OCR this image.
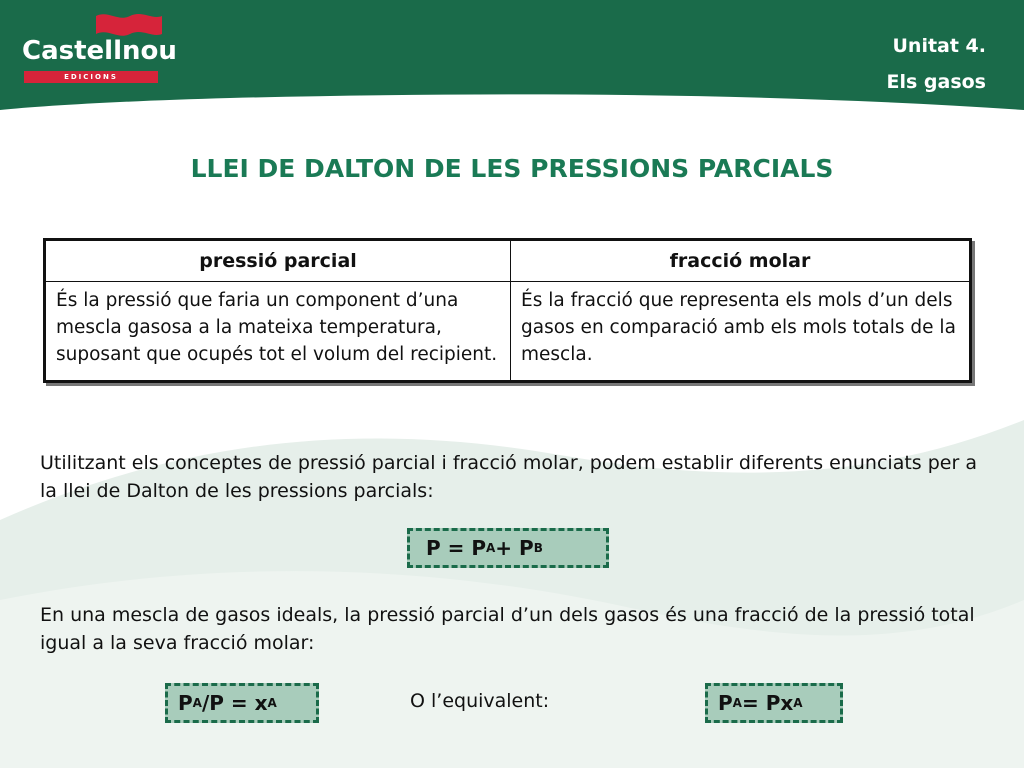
Castellnou
EDICIONS
Unitat 4.
Els gasos
LLEI DE DALTON DE LES PRESSIONS PARCIALS
pressió parcial	fracció molar
És la pressió que faria un component d’una mescla gasosa a la mateixa temperatura, suposant que ocupés tot el volum del recipient.	És la fracció que representa els mols d’un dels gasos en comparació amb els mols totals de la mescla.
Utilitzant els conceptes de pressió parcial i fracció molar, podem establir diferents enunciats per a la llei de Dalton de les pressions parcials:
P = P A + P B
En una mescla de gasos ideals, la pressió parcial d’un dels gasos és una fracció de la pressió total igual a la seva fracció molar:
P A /P = x A	O l’equivalent:	P A = Px A
